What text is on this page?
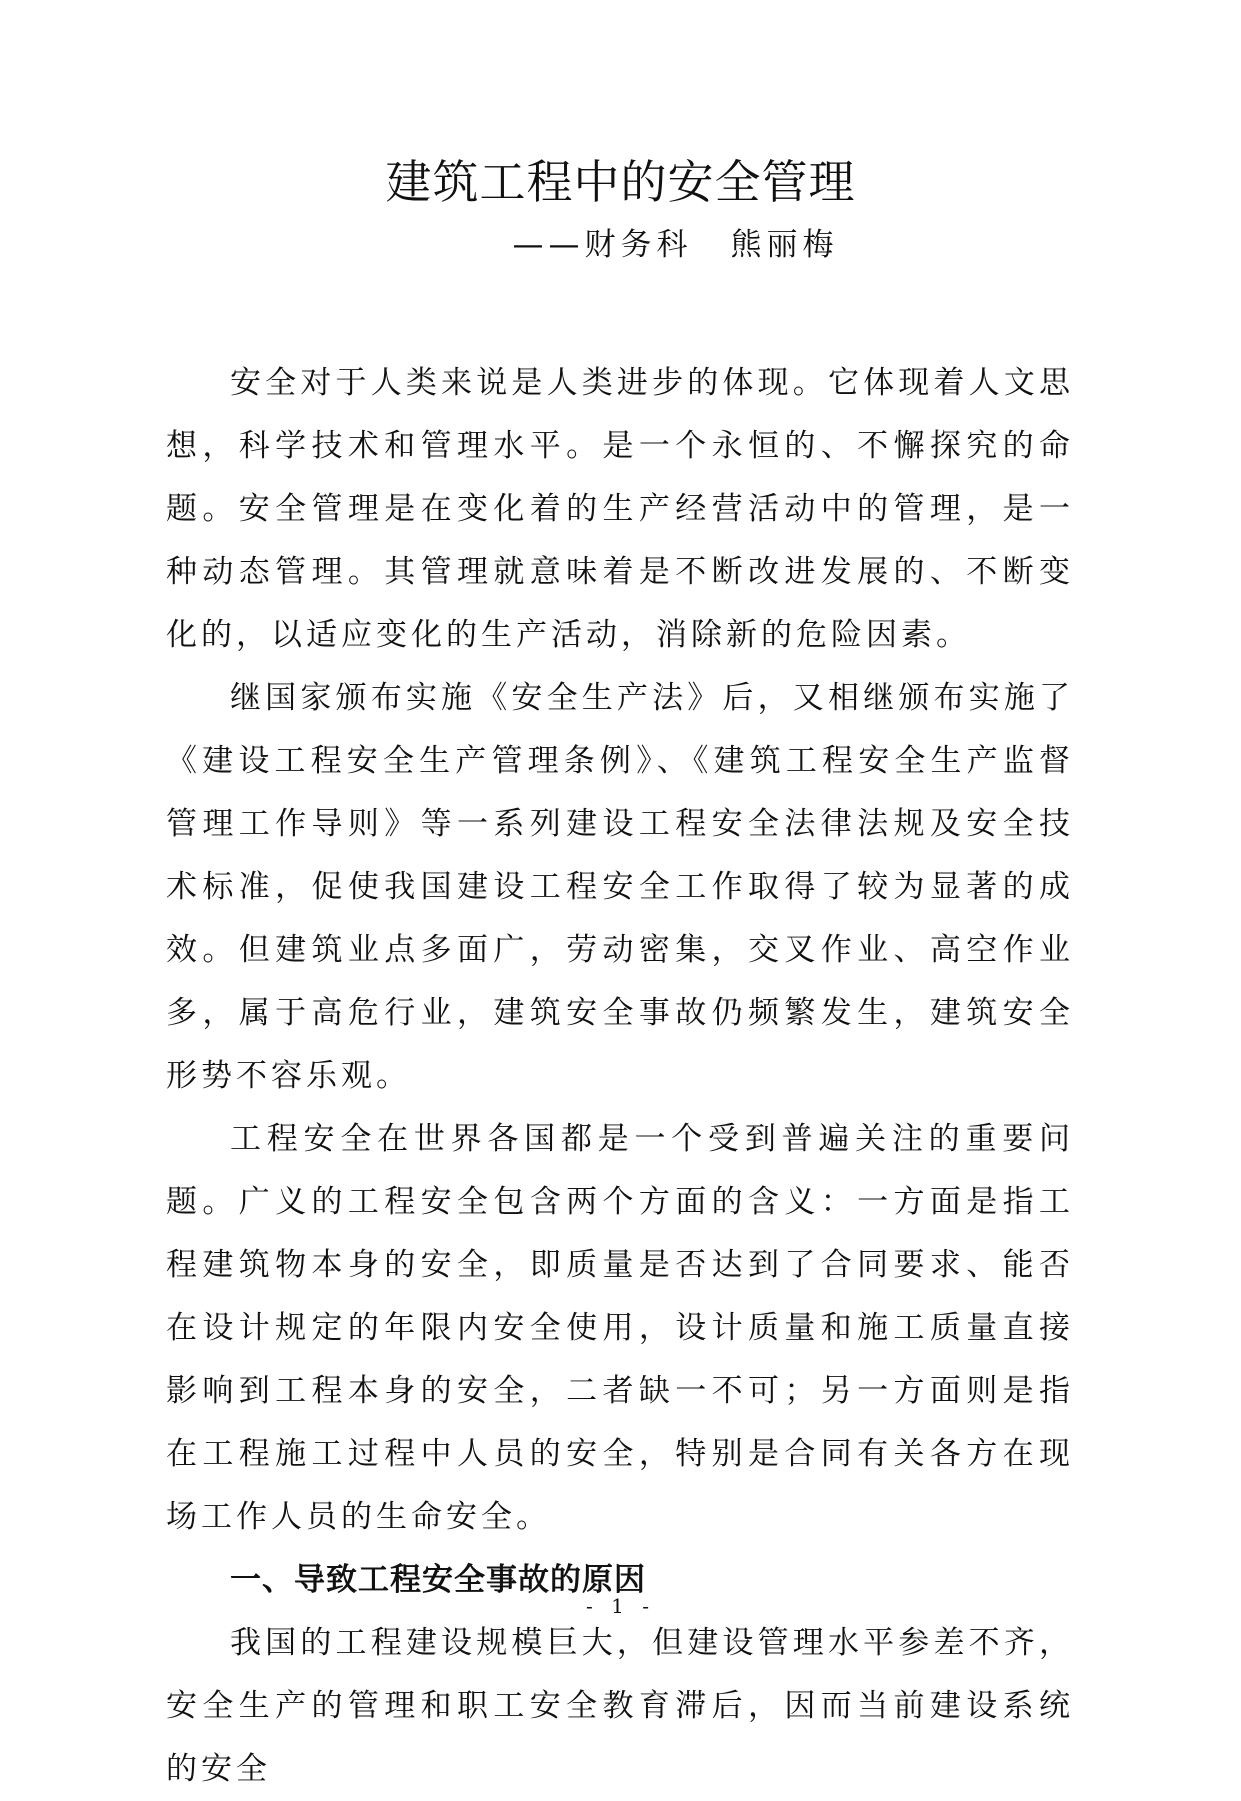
建筑工程中的安全管理
——财务科 熊丽梅

安全对于人类来说是人类进步的体现。它体现着人文思想，科学技术和管理水平。是一个永恒的、不懈探究的命题。安全管理是在变化着的生产经营活动中的管理，是一种动态管理。其管理就意味着是不断改进发展的、不断变化的，以适应变化的生产活动，消除新的危险因素。

继国家颁布实施《安全生产法》后，又相继颁布实施了《建设工程安全生产管理条例》、《建筑工程安全生产监督管理工作导则》等一系列建设工程安全法律法规及安全技术标准，促使我国建设工程安全工作取得了较为显著的成效。但建筑业点多面广，劳动密集，交叉作业、高空作业多，属于高危行业，建筑安全事故仍频繁发生，建筑安全形势不容乐观。

工程安全在世界各国都是一个受到普遍关注的重要问题。广义的工程安全包含两个方面的含义：一方面是指工程建筑物本身的安全，即质量是否达到了合同要求、能否在设计规定的年限内安全使用，设计质量和施工质量直接影响到工程本身的安全，二者缺一不可；另一方面则是指在工程施工过程中人员的安全，特别是合同有关各方在现场工作人员的生命安全。

一、导致工程安全事故的原因

我国的工程建设规模巨大，但建设管理水平参差不齐，安全生产的管理和职工安全教育滞后，因而当前建设系统的安全

- 1 -
